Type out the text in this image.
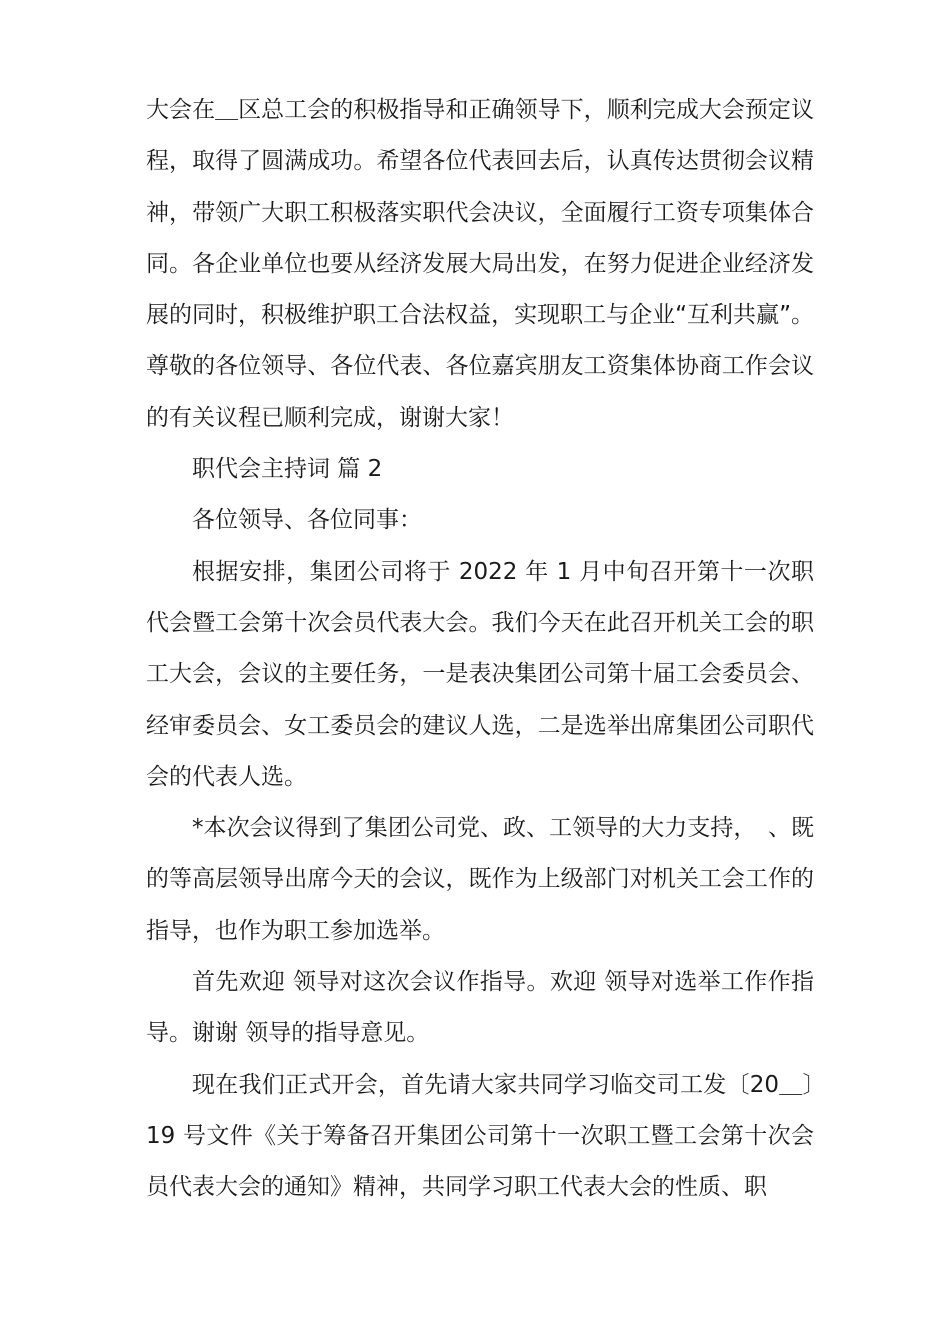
大会在＿区总工会的积极指导和正确领导下，顺利完成大会预定议程，取得了圆满成功。希望各位代表回去后，认真传达贯彻会议精神，带领广大职工积极落实职代会决议，全面履行工资专项集体合同。各企业单位也要从经济发展大局出发，在努力促进企业经济发展的同时，积极维护职工合法权益，实现职工与企业“互利共赢”。尊敬的各位领导、各位代表、各位嘉宾朋友工资集体协商工作会议的有关议程已顺利完成，谢谢大家！

职代会主持词 篇 2

各位领导、各位同事：

根据安排，集团公司将于 2022 年 1 月中旬召开第十一次职代会暨工会第十次会员代表大会。我们今天在此召开机关工会的职工大会，会议的主要任务，一是表决集团公司第十届工会委员会、经审委员会、女工委员会的建议人选，二是选举出席集团公司职代会的代表人选。

*本次会议得到了集团公司党、政、工领导的大力支持，　、既的等高层领导出席今天的会议，既作为上级部门对机关工会工作的指导，也作为职工参加选举。

首先欢迎 领导对这次会议作指导。欢迎 领导对选举工作作指导。谢谢 领导的指导意见。

现在我们正式开会，首先请大家共同学习临交司工发〔20＿〕19 号文件《关于筹备召开集团公司第十一次职工暨工会第十次会员代表大会的通知》精神，共同学习职工代表大会的性质、职
